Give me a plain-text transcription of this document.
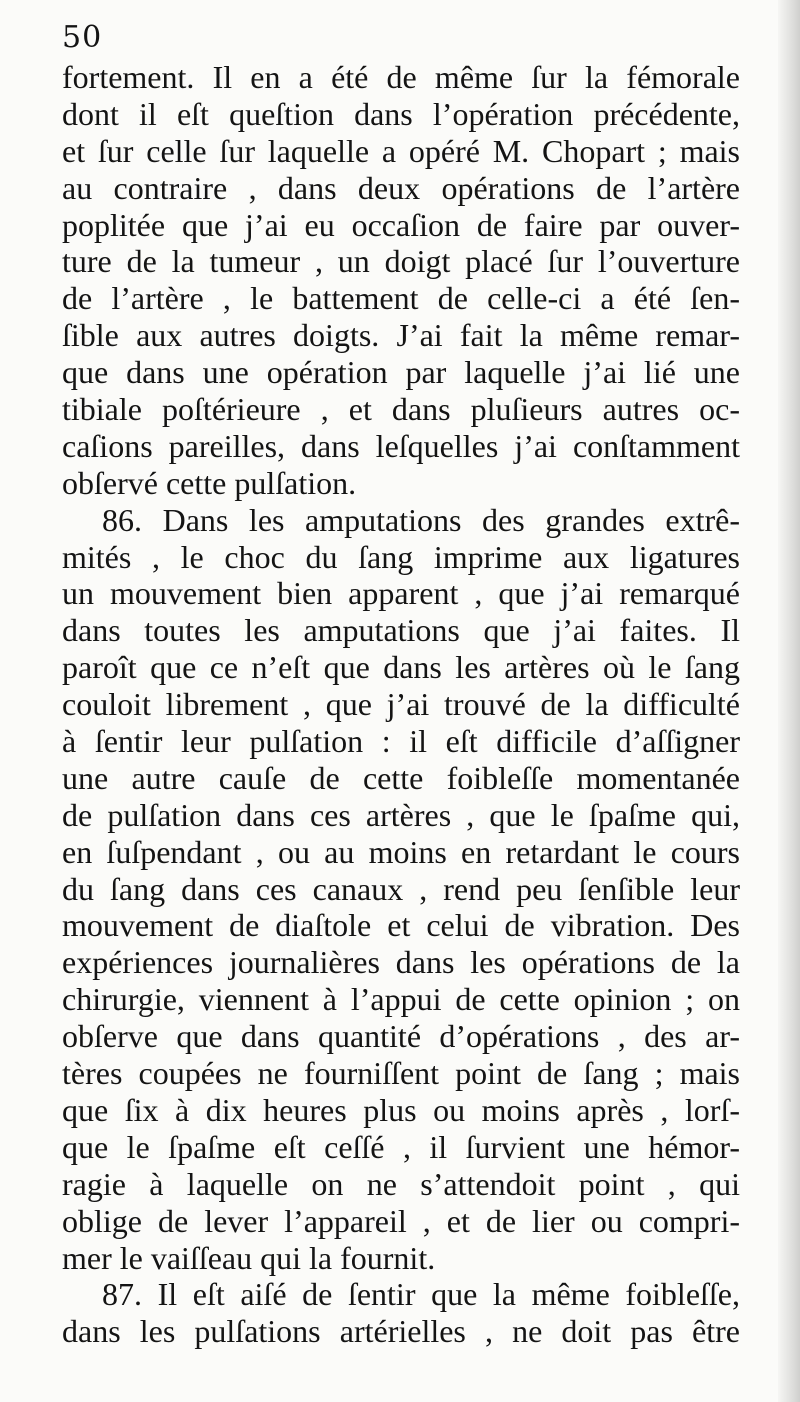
50
fortement. Il en a été de même ſur la fémorale
dont il eſt queſtion dans l’opération précédente,
et ſur celle ſur laquelle a opéré M. Chopart ; mais
au contraire , dans deux opérations de l’artère
poplitée que j’ai eu occaſion de faire par ouver-
ture de la tumeur , un doigt placé ſur l’ouverture
de l’artère , le battement de celle-ci a été ſen-
ſible aux autres doigts. J’ai fait la même remar-
que dans une opération par laquelle j’ai lié une
tibiale poſtérieure , et dans pluſieurs autres oc-
caſions pareilles, dans leſquelles j’ai conſtamment
obſervé cette pulſation.
86. Dans les amputations des grandes extrê-
mités , le choc du ſang imprime aux ligatures
un mouvement bien apparent , que j’ai remarqué
dans toutes les amputations que j’ai faites. Il
paroît que ce n’eſt que dans les artères où le ſang
couloit librement , que j’ai trouvé de la difficulté
à ſentir leur pulſation : il eſt difficile d’aſſigner
une autre cauſe de cette foibleſſe momentanée
de pulſation dans ces artères , que le ſpaſme qui,
en ſuſpendant , ou au moins en retardant le cours
du ſang dans ces canaux , rend peu ſenſible leur
mouvement de diaſtole et celui de vibration. Des
expériences journalières dans les opérations de la
chirurgie, viennent à l’appui de cette opinion ; on
obſerve que dans quantité d’opérations , des ar-
tères coupées ne fourniſſent point de ſang ; mais
que ſix à dix heures plus ou moins après , lorſ-
que le ſpaſme eſt ceſſé , il ſurvient une hémor-
ragie à laquelle on ne s’attendoit point , qui
oblige de lever l’appareil , et de lier ou compri-
mer le vaiſſeau qui la fournit.
87. Il eſt aiſé de ſentir que la même foibleſſe,
dans les pulſations artérielles , ne doit pas être
